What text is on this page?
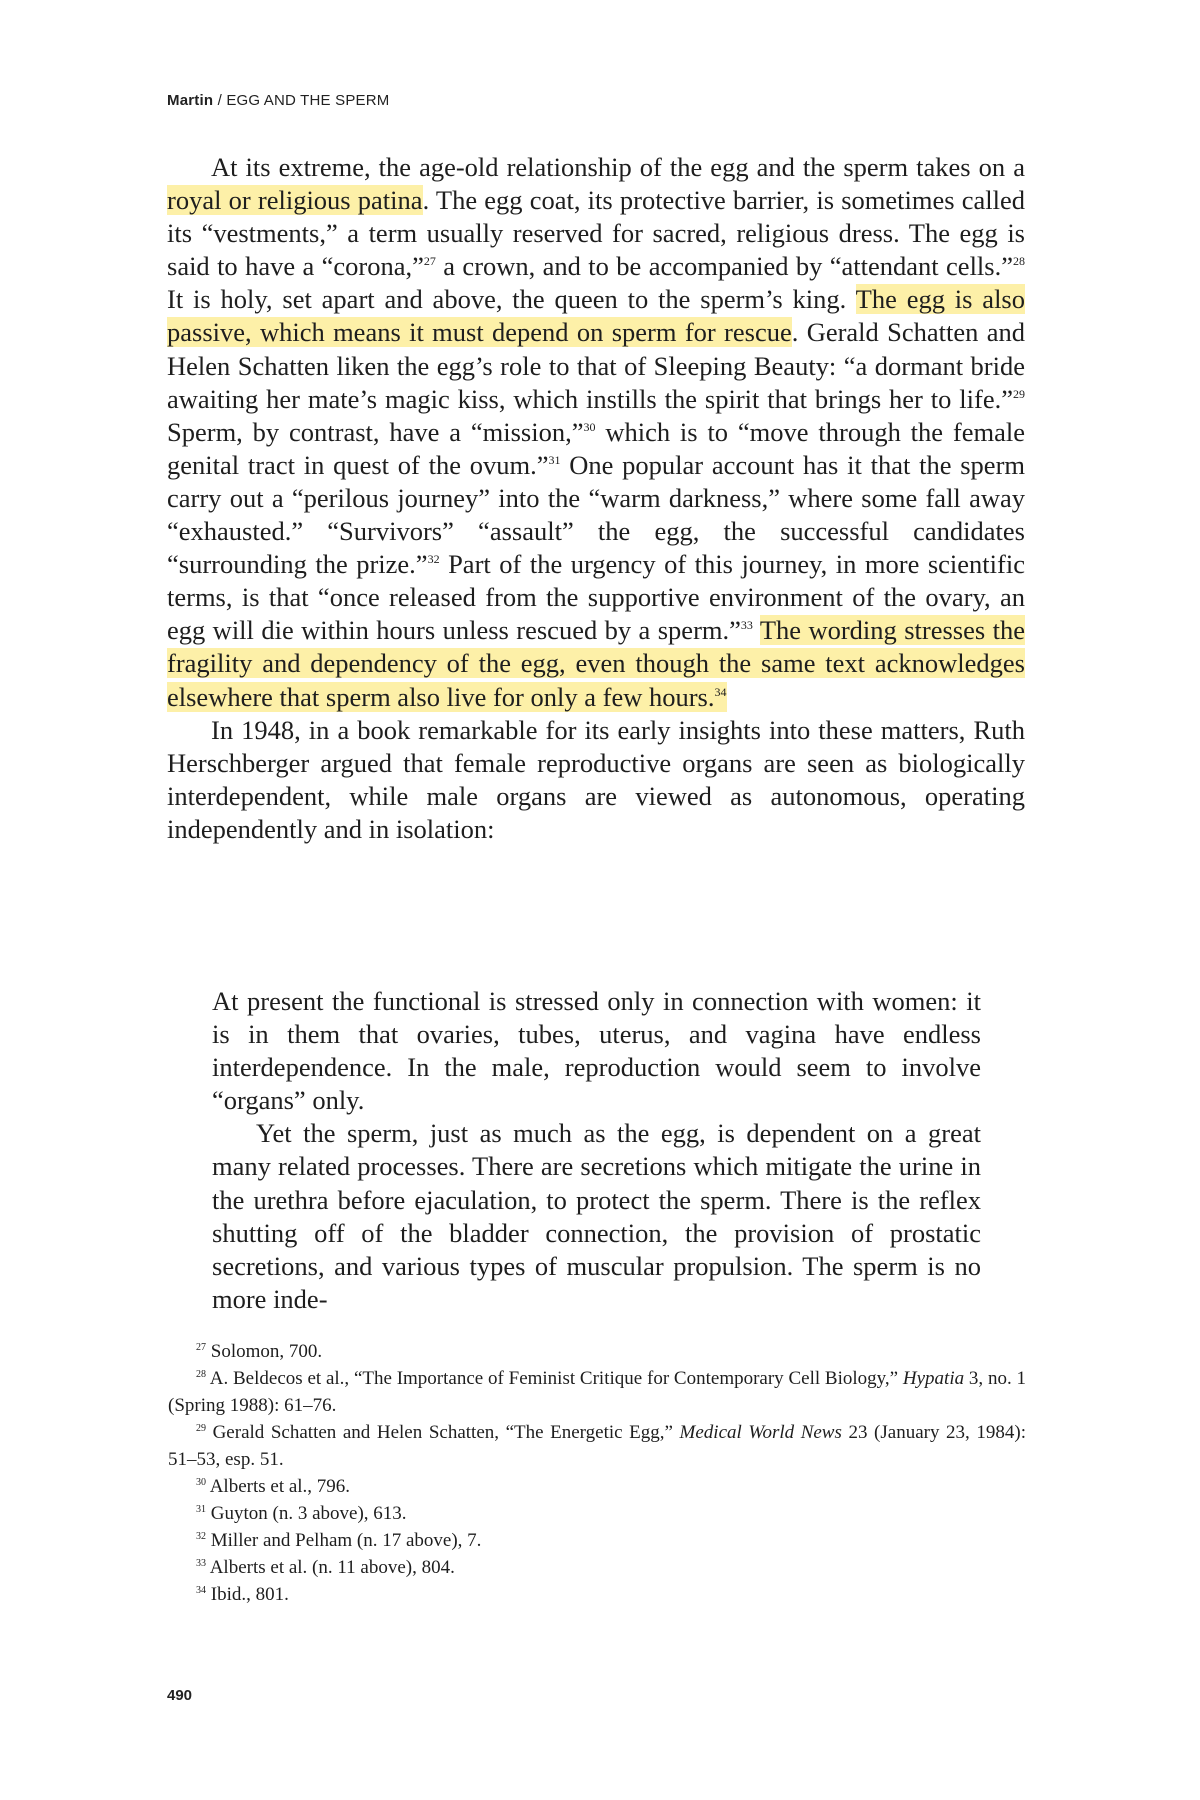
Martin / EGG AND THE SPERM

At its extreme, the age-old relationship of the egg and the sperm takes on a royal or religious patina. The egg coat, its protective barrier, is sometimes called its “vestments,” a term usually reserved for sacred, religious dress. The egg is said to have a “corona,”$^{27}$ a crown, and to be accompanied by “attendant cells.”$^{28}$ It is holy, set apart and above, the queen to the sperm’s king. The egg is also passive, which means it must depend on sperm for rescue. Gerald Schatten and Helen Schatten liken the egg’s role to that of Sleeping Beauty: “a dormant bride awaiting her mate’s magic kiss, which instills the spirit that brings her to life.”$^{29}$ Sperm, by contrast, have a “mission,”$^{30}$ which is to “move through the female genital tract in quest of the ovum.”$^{31}$ One popular account has it that the sperm carry out a “perilous journey” into the “warm darkness,” where some fall away “exhausted.” “Survivors” “assault” the egg, the successful candidates “surrounding the prize.”$^{32}$ Part of the urgency of this journey, in more scientific terms, is that “once released from the supportive environment of the ovary, an egg will die within hours unless rescued by a sperm.”$^{33}$ The wording stresses the fragility and dependency of the egg, even though the same text acknowledges elsewhere that sperm also live for only a few hours.$^{34}$

In 1948, in a book remarkable for its early insights into these matters, Ruth Herschberger argued that female reproductive organs are seen as biologically interdependent, while male organs are viewed as autonomous, operating independently and in isolation:

At present the functional is stressed only in connection with women: it is in them that ovaries, tubes, uterus, and vagina have endless interdependence. In the male, reproduction would seem to involve “organs” only.

Yet the sperm, just as much as the egg, is dependent on a great many related processes. There are secretions which mitigate the urine in the urethra before ejaculation, to protect the sperm. There is the reflex shutting off of the bladder connection, the provision of prostatic secretions, and various types of muscular propulsion. The sperm is no more inde-

$^{27}$ Solomon, 700.

$^{28}$ A. Beldecos et al., “The Importance of Feminist Critique for Contemporary Cell Biology,” Hypatia 3, no. 1 (Spring 1988): 61–76.

$^{29}$ Gerald Schatten and Helen Schatten, “The Energetic Egg,” Medical World News 23 (January 23, 1984): 51–53, esp. 51.

$^{30}$ Alberts et al., 796.

$^{31}$ Guyton (n. 3 above), 613.

$^{32}$ Miller and Pelham (n. 17 above), 7.

$^{33}$ Alberts et al. (n. 11 above), 804.

$^{34}$ Ibid., 801.

490
